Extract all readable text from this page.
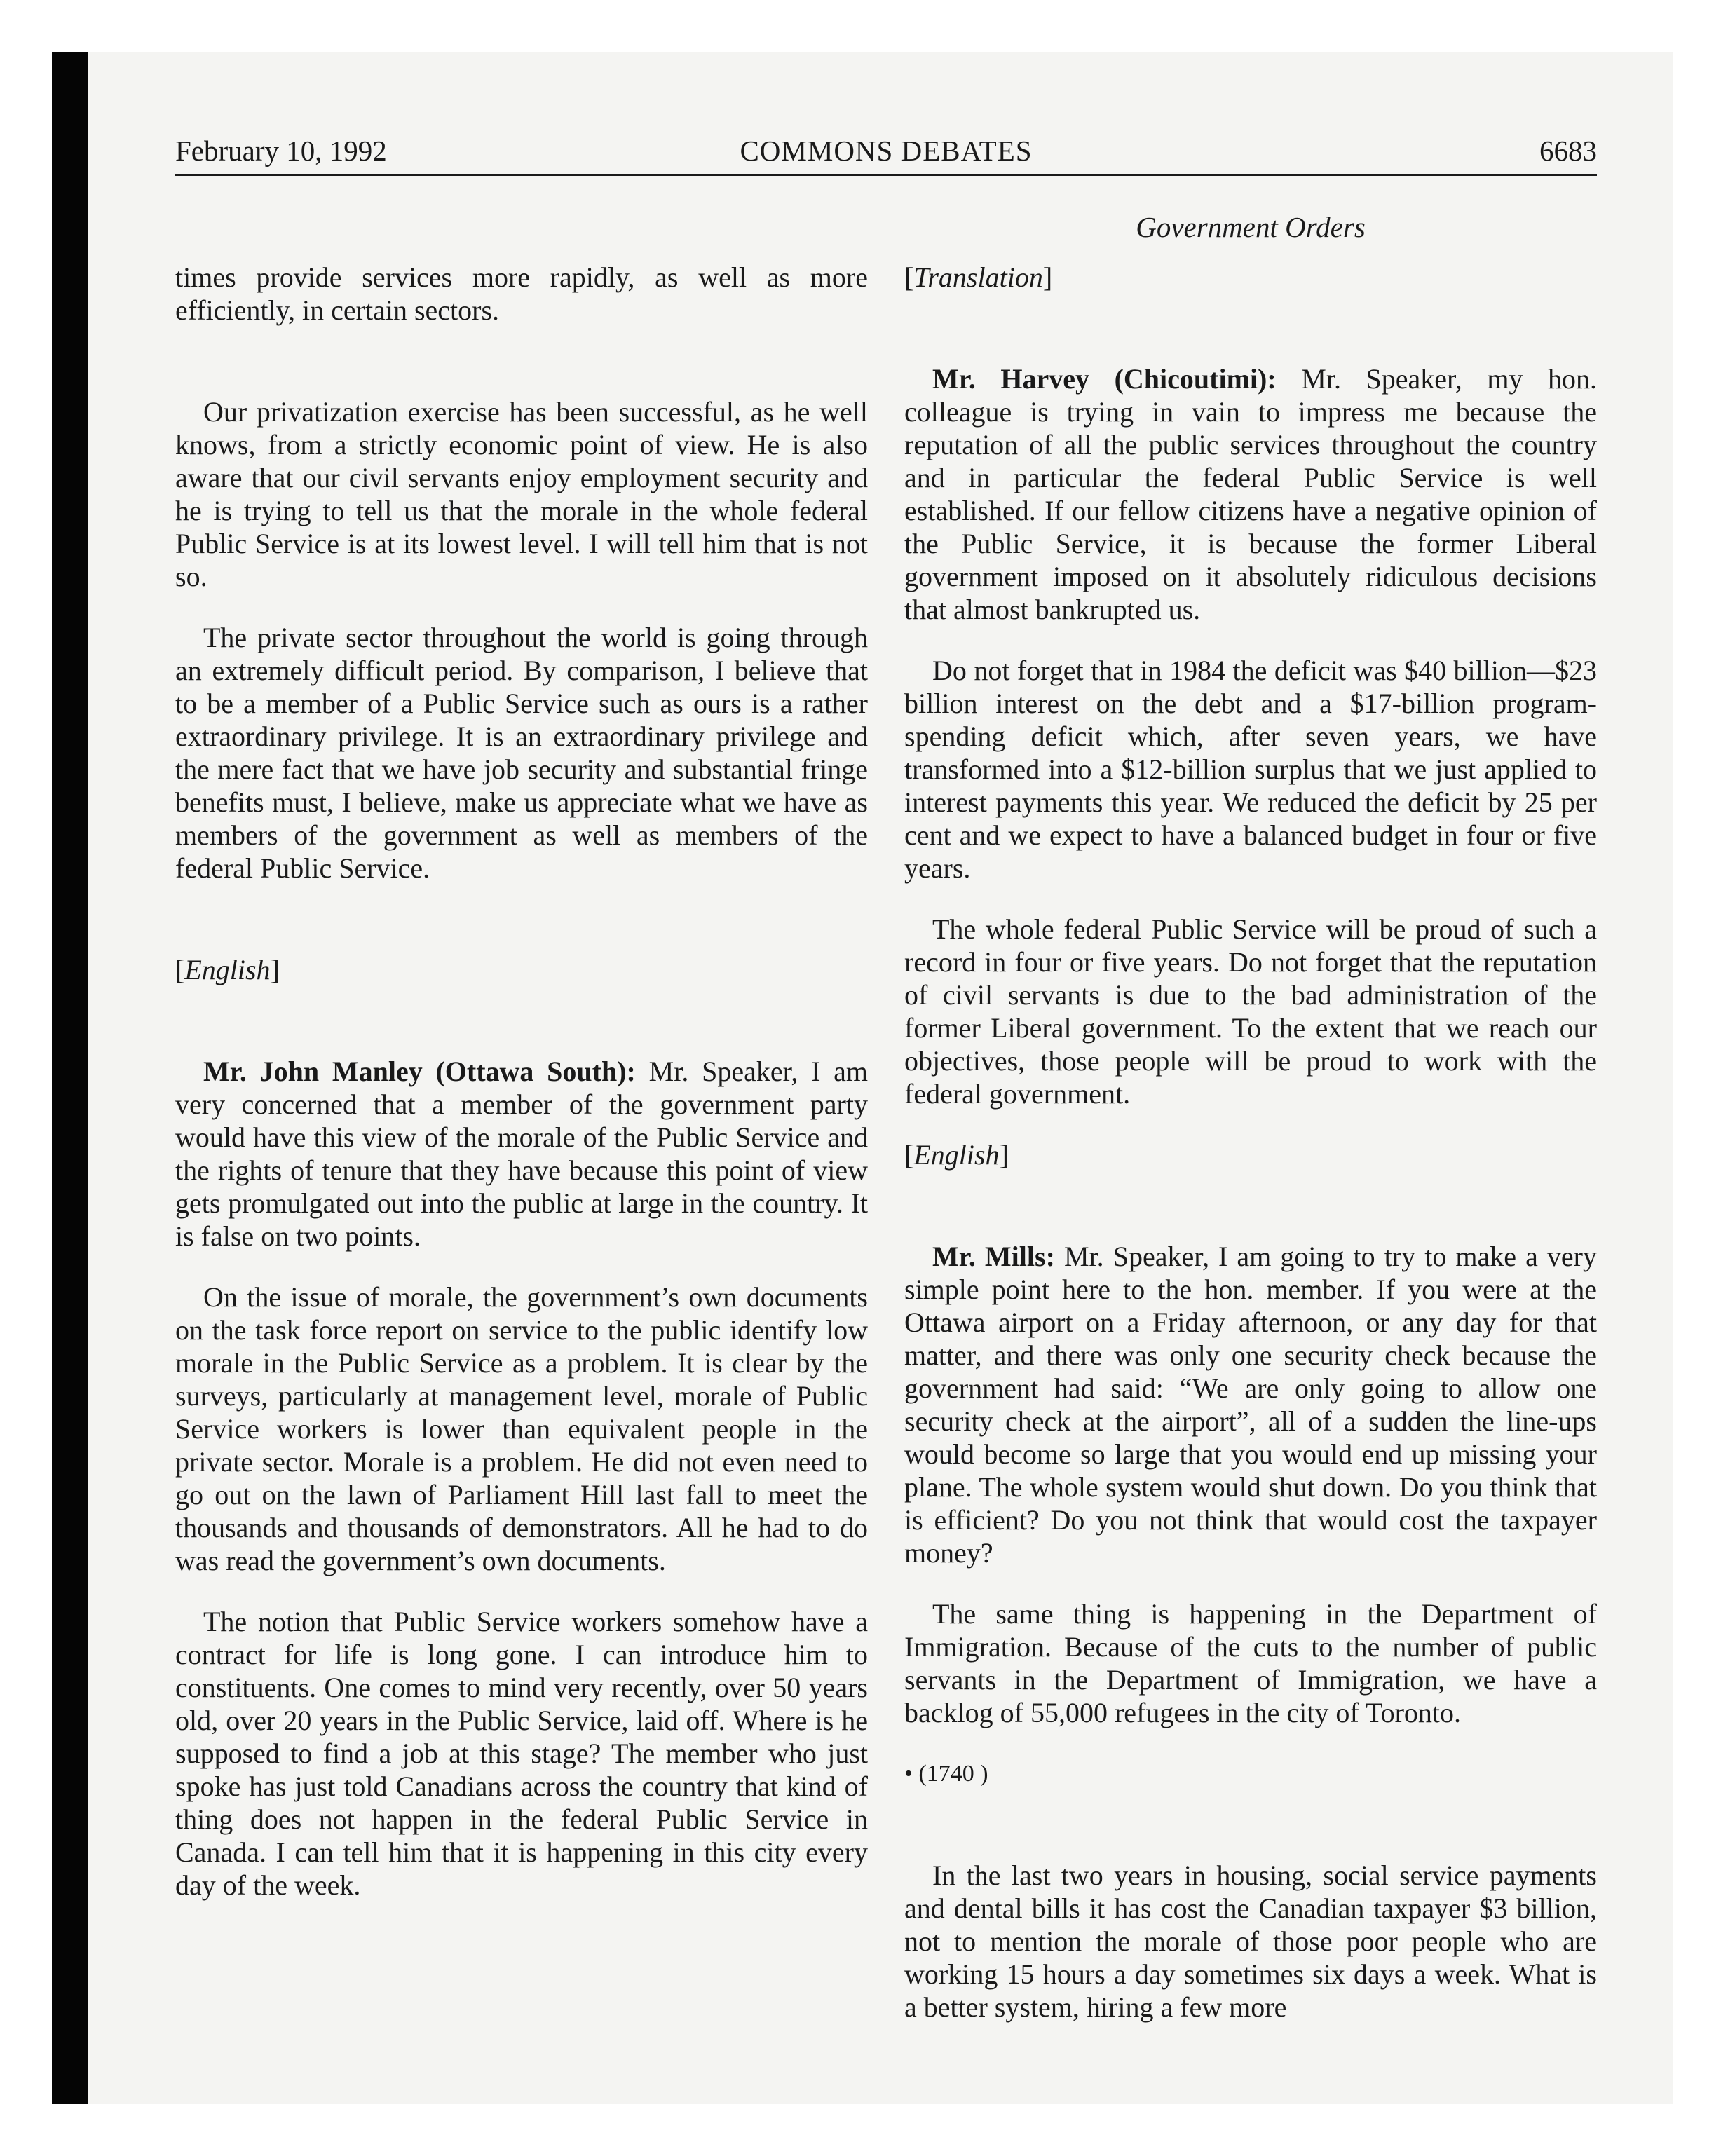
February 10, 1992	COMMONS DEBATES	6683
Government Orders

times provide services more rapidly, as well as more efficiently, in certain sectors.

Our privatization exercise has been successful, as he well knows, from a strictly economic point of view. He is also aware that our civil servants enjoy employment security and he is trying to tell us that the morale in the whole federal Public Service is at its lowest level. I will tell him that is not so.

The private sector throughout the world is going through an extremely difficult period. By comparison, I believe that to be a member of a Public Service such as ours is a rather extraordinary privilege. It is an extraordinary privilege and the mere fact that we have job security and substantial fringe benefits must, I believe, make us appreciate what we have as members of the government as well as members of the federal Public Service.

[English]

Mr. John Manley (Ottawa South): Mr. Speaker, I am very concerned that a member of the government party would have this view of the morale of the Public Service and the rights of tenure that they have because this point of view gets promulgated out into the public at large in the country. It is false on two points.

On the issue of morale, the government’s own documents on the task force report on service to the public identify low morale in the Public Service as a problem. It is clear by the surveys, particularly at management level, morale of Public Service workers is lower than equivalent people in the private sector. Morale is a problem. He did not even need to go out on the lawn of Parliament Hill last fall to meet the thousands and thousands of demonstrators. All he had to do was read the government’s own documents.

The notion that Public Service workers somehow have a contract for life is long gone. I can introduce him to constituents. One comes to mind very recently, over 50 years old, over 20 years in the Public Service, laid off. Where is he supposed to find a job at this stage? The member who just spoke has just told Canadians across the country that kind of thing does not happen in the federal Public Service in Canada. I can tell him that it is happening in this city every day of the week.

[Translation]

Mr. Harvey (Chicoutimi): Mr. Speaker, my hon. colleague is trying in vain to impress me because the reputation of all the public services throughout the country and in particular the federal Public Service is well established. If our fellow citizens have a negative opinion of the Public Service, it is because the former Liberal government imposed on it absolutely ridiculous decisions that almost bankrupted us.

Do not forget that in 1984 the deficit was $40 billion—$23 billion interest on the debt and a $17-billion program-spending deficit which, after seven years, we have transformed into a $12-billion surplus that we just applied to interest payments this year. We reduced the deficit by 25 per cent and we expect to have a balanced budget in four or five years.

The whole federal Public Service will be proud of such a record in four or five years. Do not forget that the reputation of civil servants is due to the bad administration of the former Liberal government. To the extent that we reach our objectives, those people will be proud to work with the federal government.

[English]

Mr. Mills: Mr. Speaker, I am going to try to make a very simple point here to the hon. member. If you were at the Ottawa airport on a Friday afternoon, or any day for that matter, and there was only one security check because the government had said: “We are only going to allow one security check at the airport”, all of a sudden the line-ups would become so large that you would end up missing your plane. The whole system would shut down. Do you think that is efficient? Do you not think that would cost the taxpayer money?

The same thing is happening in the Department of Immigration. Because of the cuts to the number of public servants in the Department of Immigration, we have a backlog of 55,000 refugees in the city of Toronto.

• (1740 )

In the last two years in housing, social service payments and dental bills it has cost the Canadian taxpayer $3 billion, not to mention the morale of those poor people who are working 15 hours a day sometimes six days a week. What is a better system, hiring a few more
